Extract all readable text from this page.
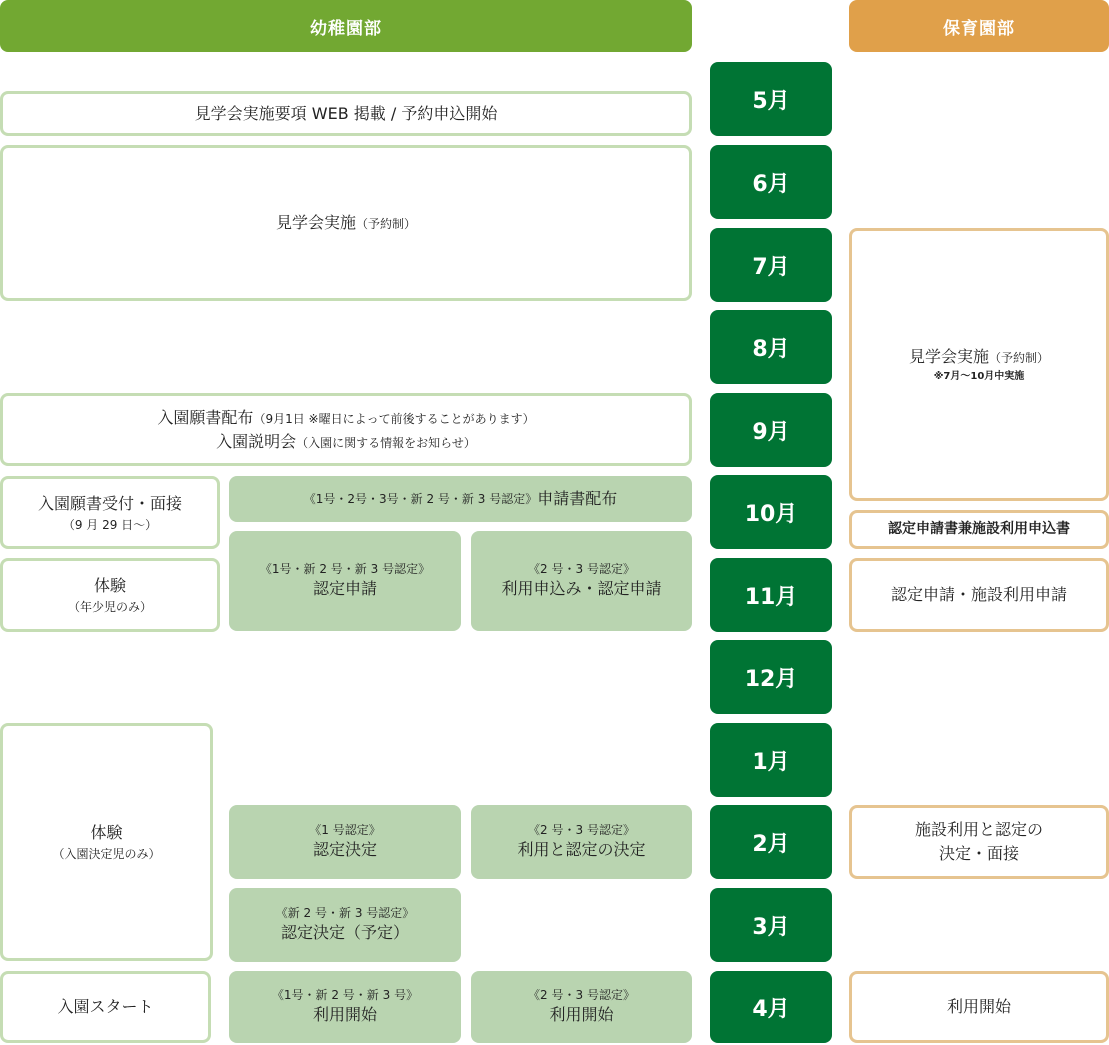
幼稚園部	保育園部
5月
6月
7月
8月
9月
10月
11月
12月
1月
2月
3月
4月
見学会実施要項 WEB 掲載 / 予約申込開始
見学会実施（予約制）
入園願書配布（9月1日 ※曜日によって前後することがあります）
入園説明会（入園に関する情報をお知らせ）
入園願書受付・面接
（9 月 29 日〜）
《1号・2号・3号・新 2 号・新 3 号認定》 申請書配布
体験
（年少児のみ）
《1号・新 2 号・新 3 号認定》
認定申請
《2 号・3 号認定》
利用申込み・認定申請
体験
（入園決定児のみ）
《1 号認定》
認定決定
《2 号・3 号認定》
利用と認定の決定
《新 2 号・新 3 号認定》
認定決定（予定）
入園スタート
《1号・新 2 号・新 3 号》
利用開始
《2 号・3 号認定》
利用開始
見学会実施（予約制）
※7月〜10月中実施
認定申請書兼施設利用申込書
認定申請・施設利用申請
施設利用と認定の
決定・面接
利用開始
